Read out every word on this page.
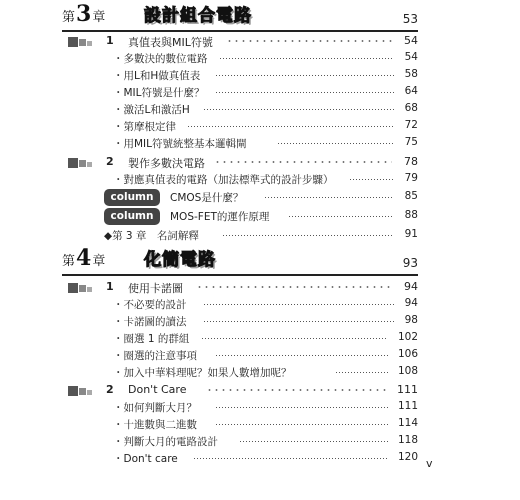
第3章 設計組合電路	53
1 真值表與MIL符號	54
・多數決的數位電路	54
・用L和H做真值表	58
・MIL符號是什麼？	64
・激活L和激活H	68
・第摩根定律	72
・用MIL符號統整基本邏輯閘	75
2 製作多數決電路	78
・對應真值表的電路（加法標準式的設計步驟）	79
column	CMOS是什麼？	85
column	MOS-FET的運作原理	88
◆第 3 章　名詞解釋	91
第4章 化簡電路	93
1 使用卡諾圖	94
・不必要的設計	94
・卡諾圖的讀法	98
・圈選 1 的群組	102
・圈選的注意事項	106
・加入中華料理呢？如果人數增加呢？	108
2 Don't Care	111
・如何判斷大月？	111
・十進數與二進數	114
・判斷大月的電路設計	118
・Don't care	120 v
